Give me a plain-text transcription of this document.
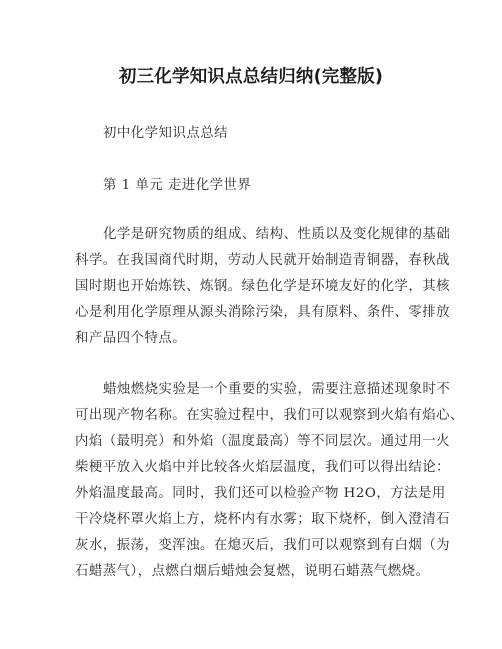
初三化学知识点总结归纳(完整版)
初中化学知识点总结
第 1 单元 走进化学世界
化学是研究物质的组成、结构、性质以及变化规律的基础
科学。在我国商代时期，劳动人民就开始制造青铜器，春秋战
国时期也开始炼铁、炼钢。绿色化学是环境友好的化学，其核
心是利用化学原理从源头消除污染，具有原料、条件、零排放
和产品四个特点。
蜡烛燃烧实验是一个重要的实验，需要注意描述现象时不
可出现产物名称。在实验过程中，我们可以观察到火焰有焰心、
内焰（最明亮）和外焰（温度最高）等不同层次。通过用一火
柴梗平放入火焰中并比较各火焰层温度，我们可以得出结论：
外焰温度最高。同时，我们还可以检验产物 H2O，方法是用
干冷烧杯罩火焰上方，烧杯内有水雾；取下烧杯，倒入澄清石
灰水，振荡，变浑浊。在熄灭后，我们可以观察到有白烟（为
石蜡蒸气），点燃白烟后蜡烛会复燃，说明石蜡蒸气燃烧。
